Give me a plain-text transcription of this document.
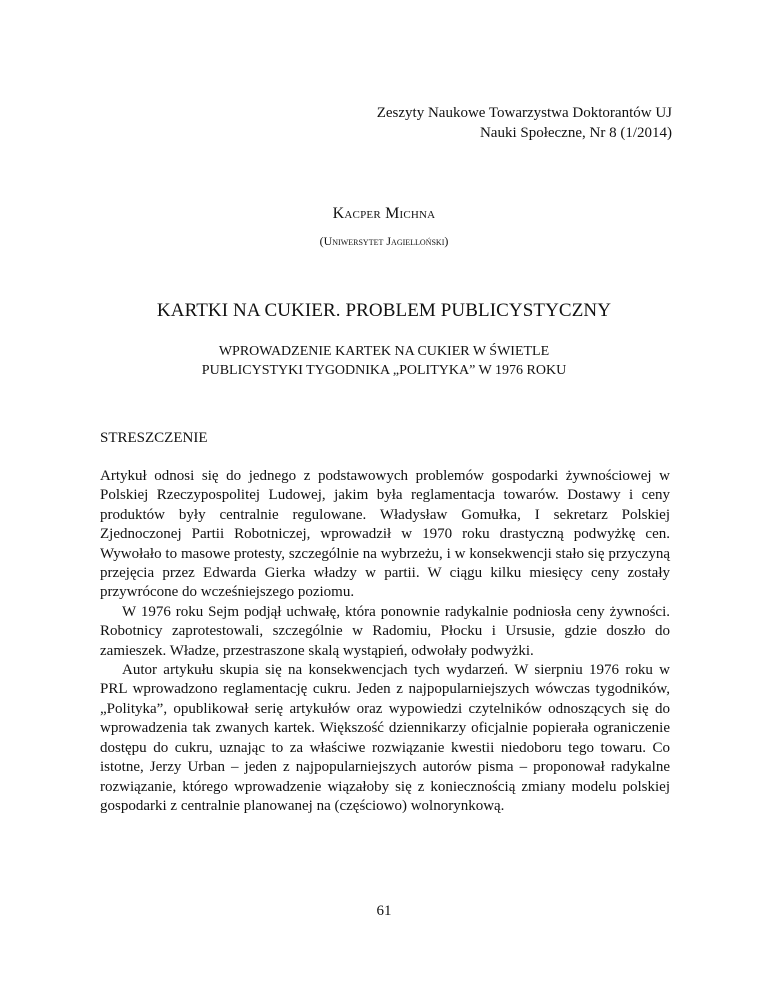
Zeszyty Naukowe Towarzystwa Doktorantów UJ
Nauki Społeczne, Nr 8 (1/2014)
Kacper Michna
(Uniwersytet Jagielloński)
KARTKI NA CUKIER. PROBLEM PUBLICYSTYCZNY
WPROWADZENIE KARTEK NA CUKIER W ŚWIETLE
PUBLICYSTYKI TYGODNIKA „POLITYKA” W 1976 ROKU
STRESZCZENIE

Artykuł odnosi się do jednego z podstawowych problemów gospodarki żywnościowej w Polskiej Rzeczypospolitej Ludowej, jakim była reglamentacja towarów. Dostawy i ceny produktów były centralnie regulowane. Władysław Gomułka, I sekretarz Polskiej Zjednoczonej Partii Robotniczej, wprowadził w 1970 roku drastyczną podwyżkę cen. Wywołało to masowe protesty, szczególnie na wybrzeżu, i w konsekwencji stało się przyczyną przejęcia przez Edwarda Gierka władzy w partii. W ciągu kilku miesięcy ceny zostały przywrócone do wcześniejszego poziomu.

W 1976 roku Sejm podjął uchwałę, która ponownie radykalnie podniosła ceny żywności. Robotnicy zaprotestowali, szczególnie w Radomiu, Płocku i Ursusie, gdzie doszło do zamieszek. Władze, przestraszone skalą wystąpień, odwołały podwyżki.

Autor artykułu skupia się na konsekwencjach tych wydarzeń. W sierpniu 1976 roku w PRL wprowadzono reglamentację cukru. Jeden z najpopularniejszych wówczas tygodników, „Polityka”, opublikował serię artykułów oraz wypowiedzi czytelników odnoszących się do wprowadzenia tak zwanych kartek. Większość dziennikarzy oficjalnie popierała ograniczenie dostępu do cukru, uznając to za właściwe rozwiązanie kwestii niedoboru tego towaru. Co istotne, Jerzy Urban – jeden z najpopularniejszych autorów pisma – proponował radykalne rozwiązanie, którego wprowadzenie wiązałoby się z koniecznością zmiany modelu polskiej gospodarki z centralnie planowanej na (częściowo) wolnorynkową.

61
